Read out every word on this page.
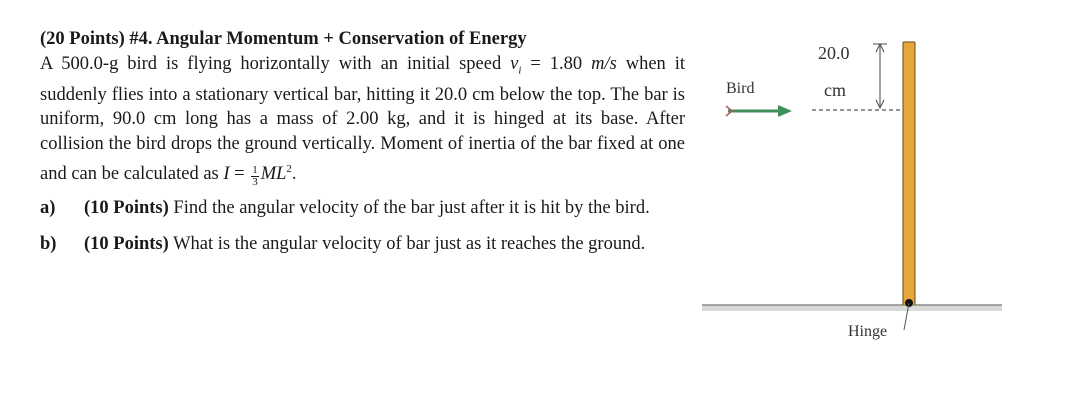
(20 Points) #4. Angular Momentum + Conservation of Energy
A 500.0-g bird is flying horizontally with an initial speed $v_i = 1.80$ m/s when it suddenly flies into a stationary vertical bar, hitting it 20.0 cm below the top. The bar is uniform, 90.0 cm long has a mass of 2.00 kg, and it is hinged at its base. After collision the bird drops the ground vertically. Moment of inertia of the bar fixed at one and can be calculated as $I = \frac{1}{3} ML^2$.
a) (10 Points) Find the angular velocity of the bar just after it is hit by the bird.
b) (10 Points) What is the angular velocity of bar just as it reaches the ground.
Bird
20.0
cm
Hinge
